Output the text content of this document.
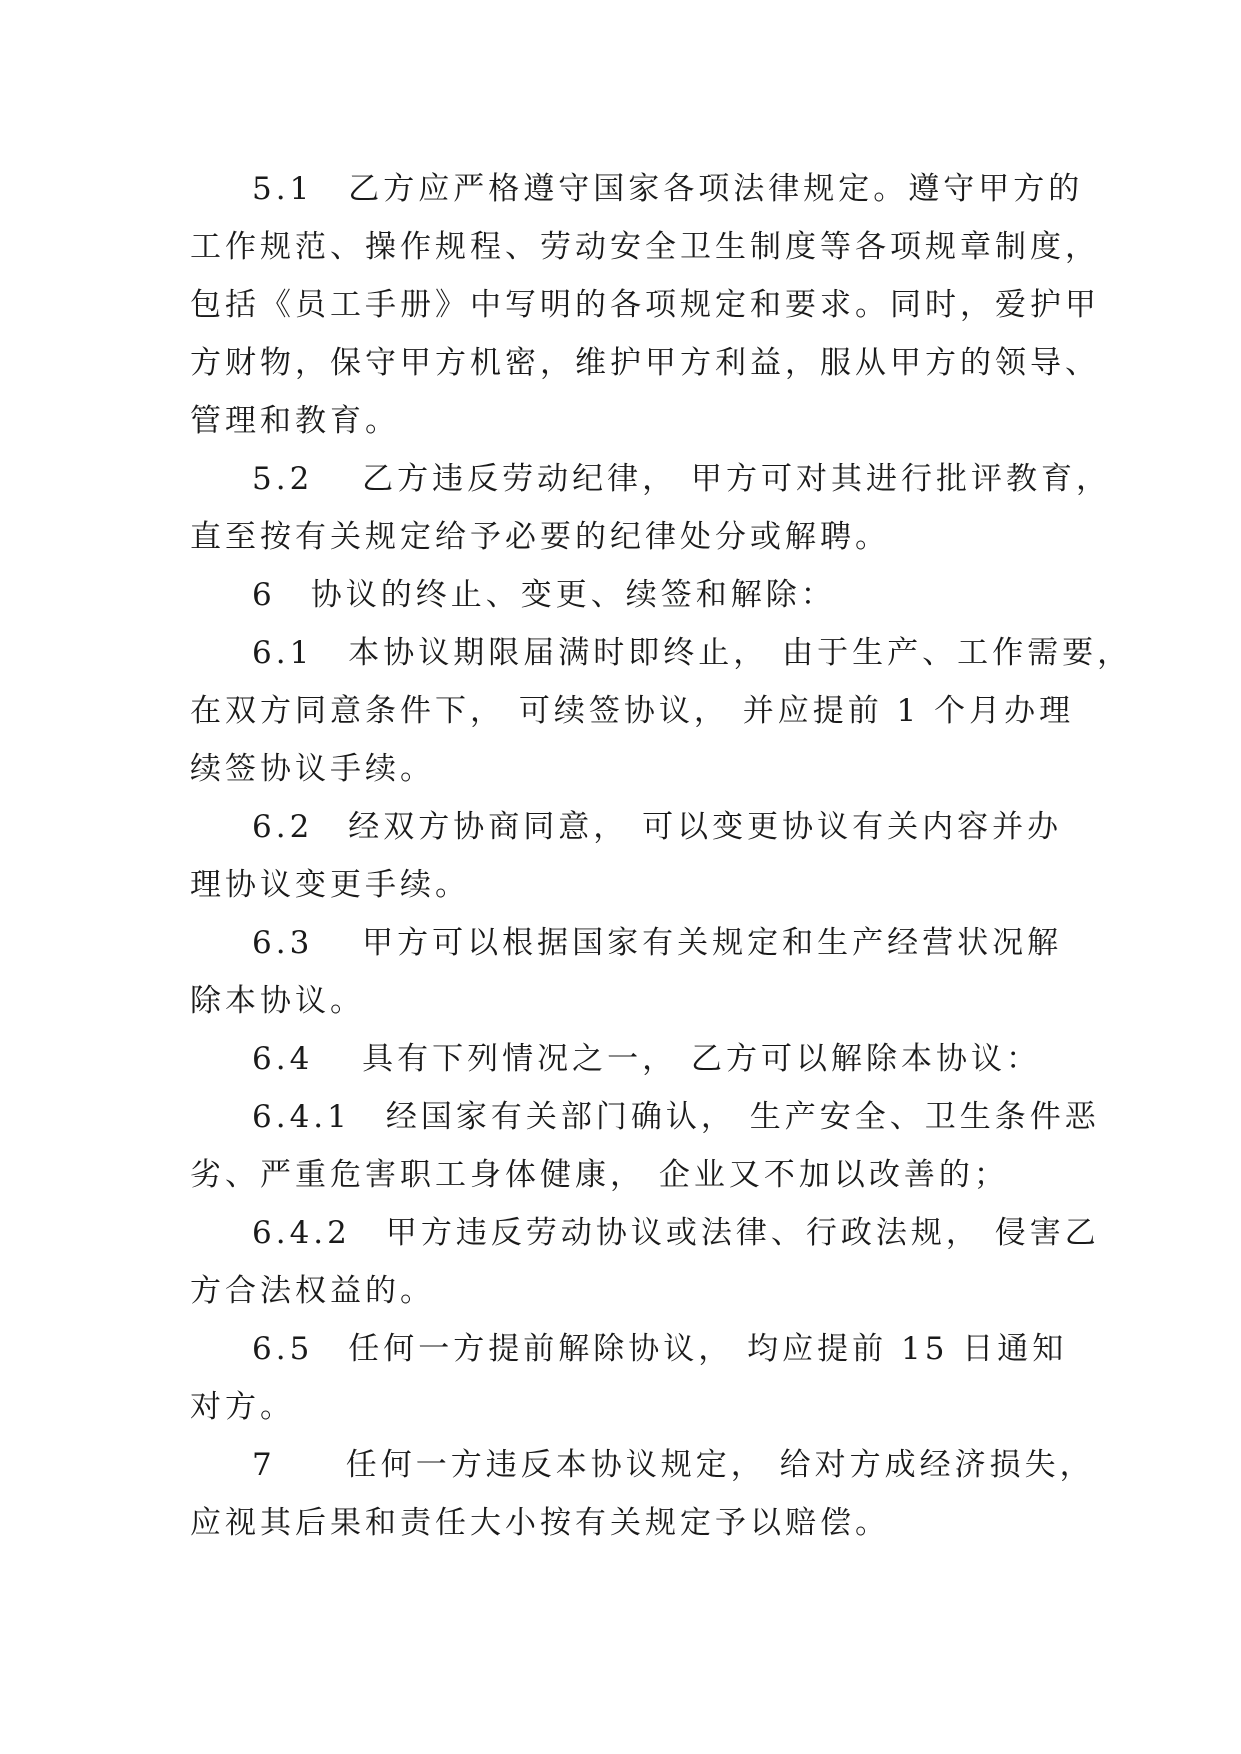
5.1　乙方应严格遵守国家各项法律规定。遵守甲方的
工作规范、操作规程、劳动安全卫生制度等各项规章制度，
包括《员工手册》中写明的各项规定和要求。同时，爱护甲
方财物，保守甲方机密，维护甲方利益，服从甲方的领导、
管理和教育。
5.2　 乙方违反劳动纪律， 甲方可对其进行批评教育，
直至按有关规定给予必要的纪律处分或解聘。
6　协议的终止、变更、续签和解除：
6.1　本协议期限届满时即终止， 由于生产、工作需要，
在双方同意条件下， 可续签协议， 并应提前 1 个月办理
续签协议手续。
6.2　经双方协商同意， 可以变更协议有关内容并办
理协议变更手续。
6.3　 甲方可以根据国家有关规定和生产经营状况解
除本协议。
6.4　 具有下列情况之一， 乙方可以解除本协议：
6.4.1　经国家有关部门确认， 生产安全、卫生条件恶
劣、严重危害职工身体健康， 企业又不加以改善的；
6.4.2　甲方违反劳动协议或法律、行政法规， 侵害乙
方合法权益的。
6.5　任何一方提前解除协议， 均应提前 15 日通知
对方。
7　　任何一方违反本协议规定， 给对方成经济损失，
应视其后果和责任大小按有关规定予以赔偿。
